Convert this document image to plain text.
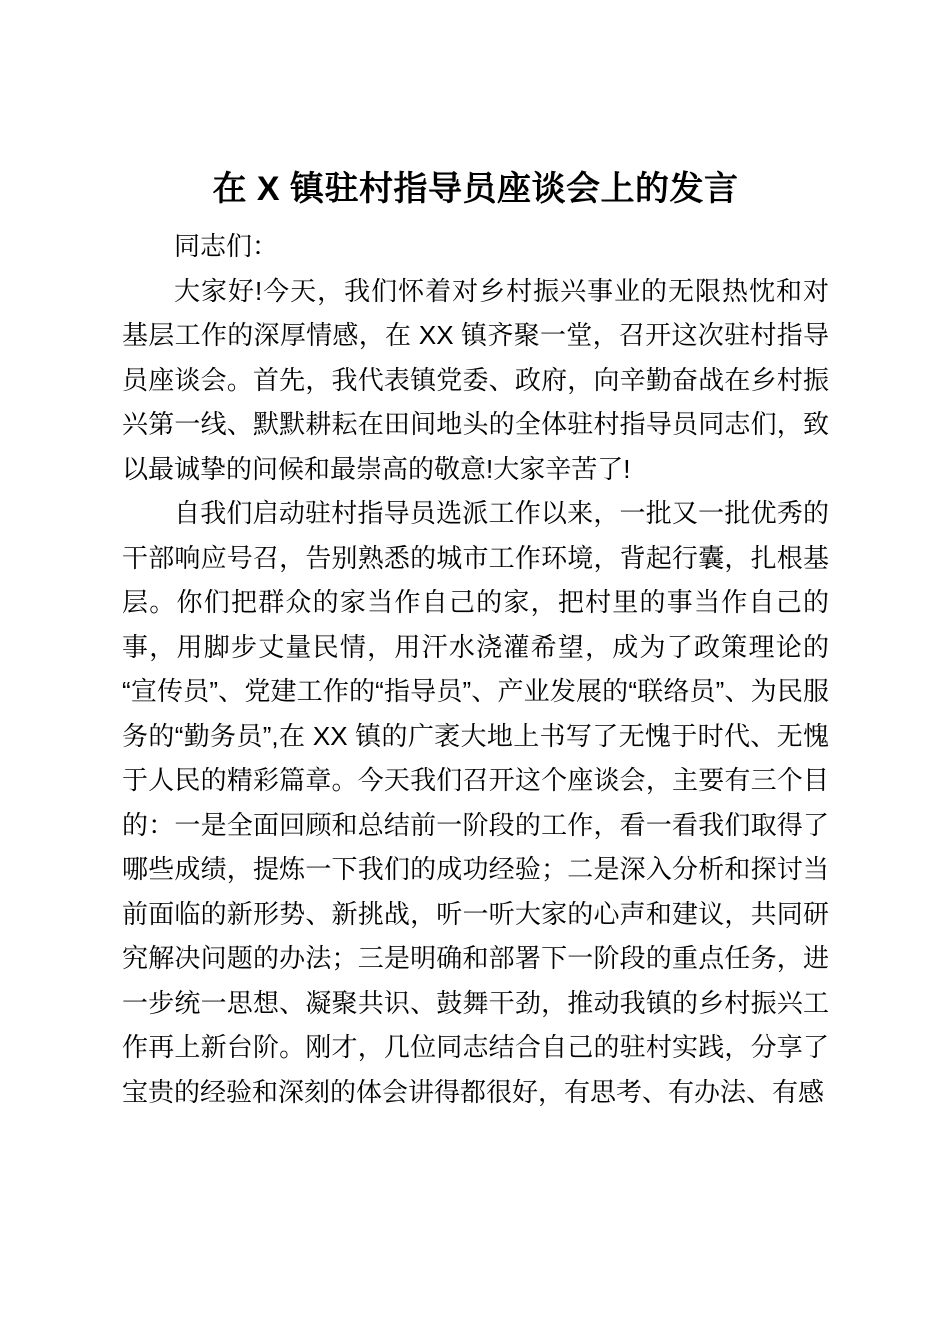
在 X 镇驻村指导员座谈会上的发言

同志们：

大家好!今天，我们怀着对乡村振兴事业的无限热忱和对基层工作的深厚情感，在 XX 镇齐聚一堂，召开这次驻村指导员座谈会。首先，我代表镇党委、政府，向辛勤奋战在乡村振兴第一线、默默耕耘在田间地头的全体驻村指导员同志们，致以最诚挚的问候和最崇高的敬意!大家辛苦了!

自我们启动驻村指导员选派工作以来，一批又一批优秀的干部响应号召，告别熟悉的城市工作环境，背起行囊，扎根基层。你们把群众的家当作自己的家，把村里的事当作自己的事，用脚步丈量民情，用汗水浇灌希望，成为了政策理论的“宣传员”、党建工作的“指导员”、产业发展的“联络员”、为民服务的“勤务员”,在 XX 镇的广袤大地上书写了无愧于时代、无愧于人民的精彩篇章。今天我们召开这个座谈会，主要有三个目的：一是全面回顾和总结前一阶段的工作，看一看我们取得了哪些成绩，提炼一下我们的成功经验；二是深入分析和探讨当前面临的新形势、新挑战，听一听大家的心声和建议，共同研究解决问题的办法；三是明确和部署下一阶段的重点任务，进一步统一思想、凝聚共识、鼓舞干劲，推动我镇的乡村振兴工作再上新台阶。刚才，几位同志结合自己的驻村实践，分享了宝贵的经验和深刻的体会讲得都很好，有思考、有办法、有感
